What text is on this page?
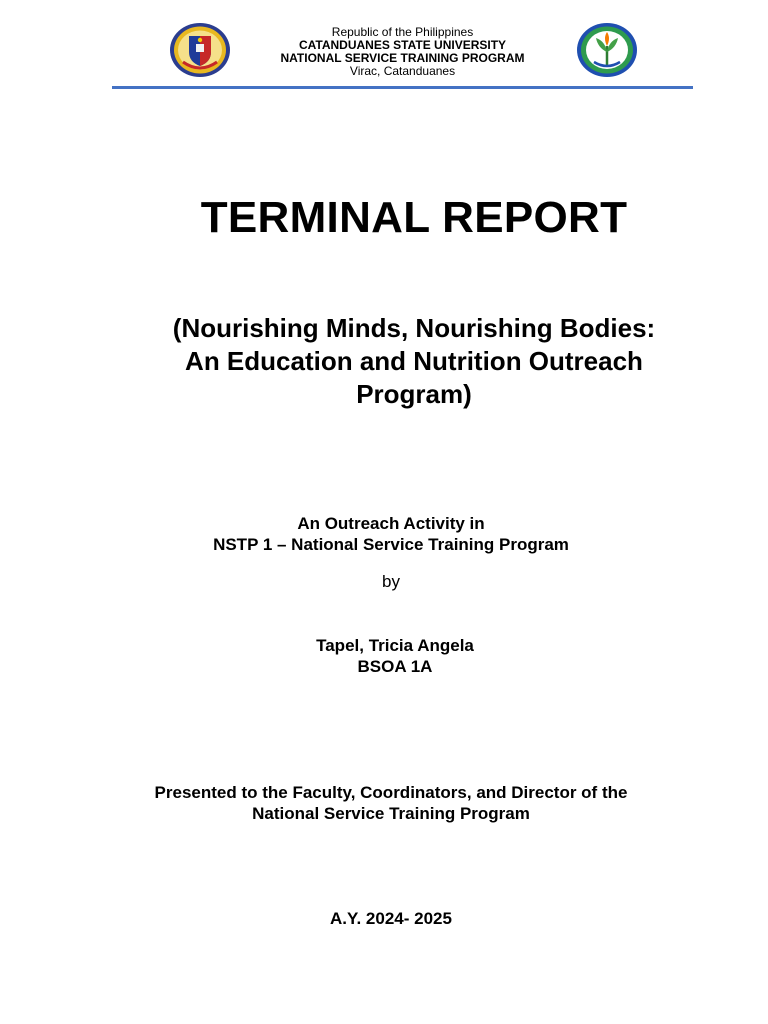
Republic of the Philippines
CATANDUANES STATE UNIVERSITY
NATIONAL SERVICE TRAINING PROGRAM
Virac, Catanduanes
TERMINAL REPORT
(Nourishing Minds, Nourishing Bodies:
An Education and Nutrition Outreach
Program)
An Outreach Activity in
NSTP 1 – National Service Training Program
by
Tapel, Tricia Angela
BSOA 1A
Presented to the Faculty, Coordinators, and Director of the
National Service Training Program
A.Y. 2024- 2025
